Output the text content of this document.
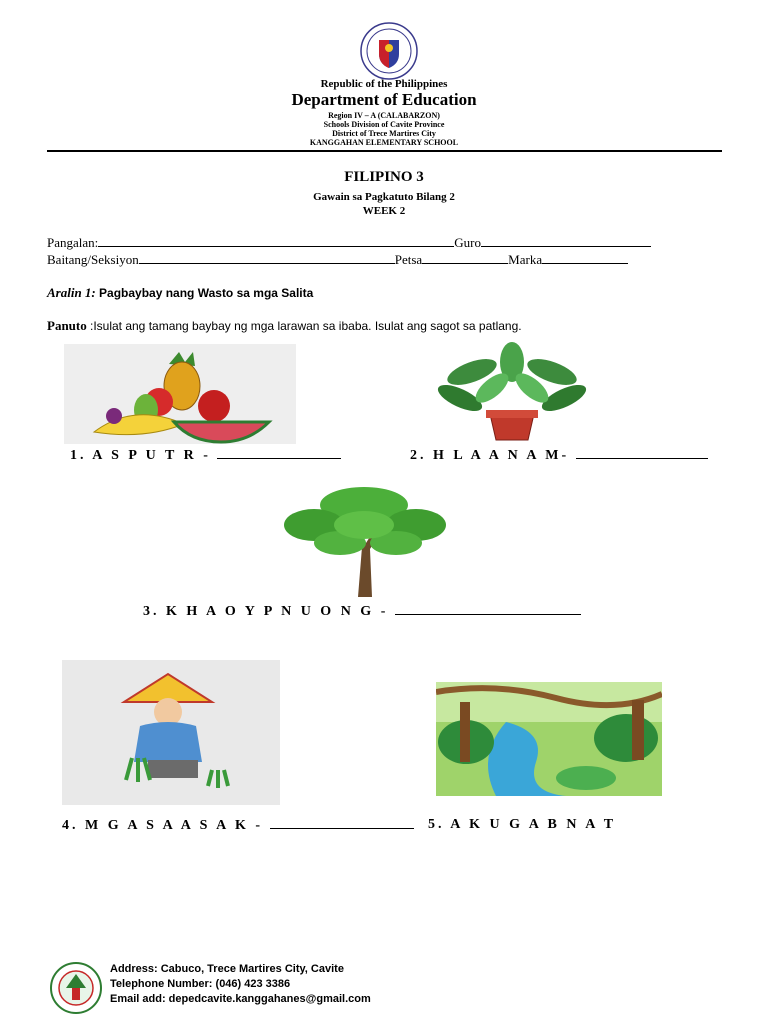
Republic of the Philippines
Department of Education
Region IV – A (CALABARZON)
Schools Division of Cavite Province
District of Trece Martires City
KANGGAHAN ELEMENTARY SCHOOL
FILIPINO 3
Gawain sa Pagkatuto Bilang 2
WEEK 2
Pangalan:	Guro
Baitang/Seksiyon	Petsa	Marka
Aralin 1: Pagbaybay nang Wasto sa mga Salita
Panuto :Isulat ang tamang baybay ng mga larawan sa ibaba. Isulat ang sagot sa patlang.
1. A S P U T R -	2. H L A A N A M-
3. K H A O Y P N U O N G -
4. M G A S A A S A K -	5. A K U G A B N A T
Address: Cabuco, Trece Martires City, Cavite
Telephone Number: (046) 423 3386
Email add: depedcavite.kanggahanes@gmail.com
